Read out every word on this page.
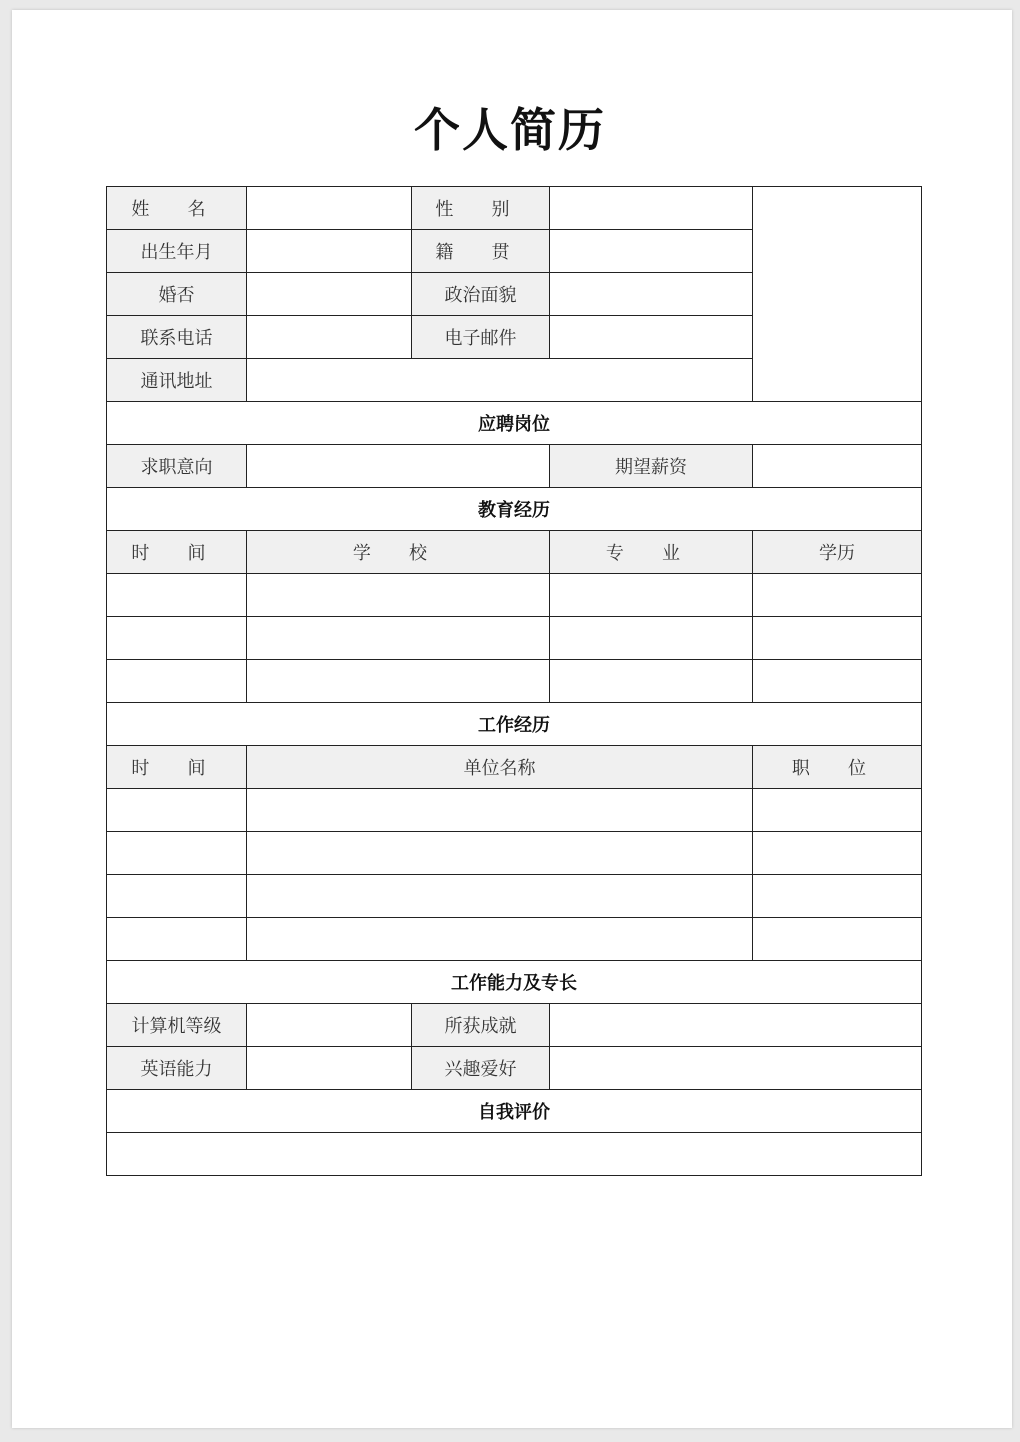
个人简历
姓 名		性 别		
出生年月		籍 贯		
婚否		政治面貌		
联系电话		电子邮件		
通讯地址				
应聘岗位				
求职意向			期望薪资	
教育经历				
时 间	学 校		专 业	学历

工作经历				
时 间	单位名称			职 位

工作能力及专长				
计算机等级		所获成就		
英语能力		兴趣爱好		
自我评价				
